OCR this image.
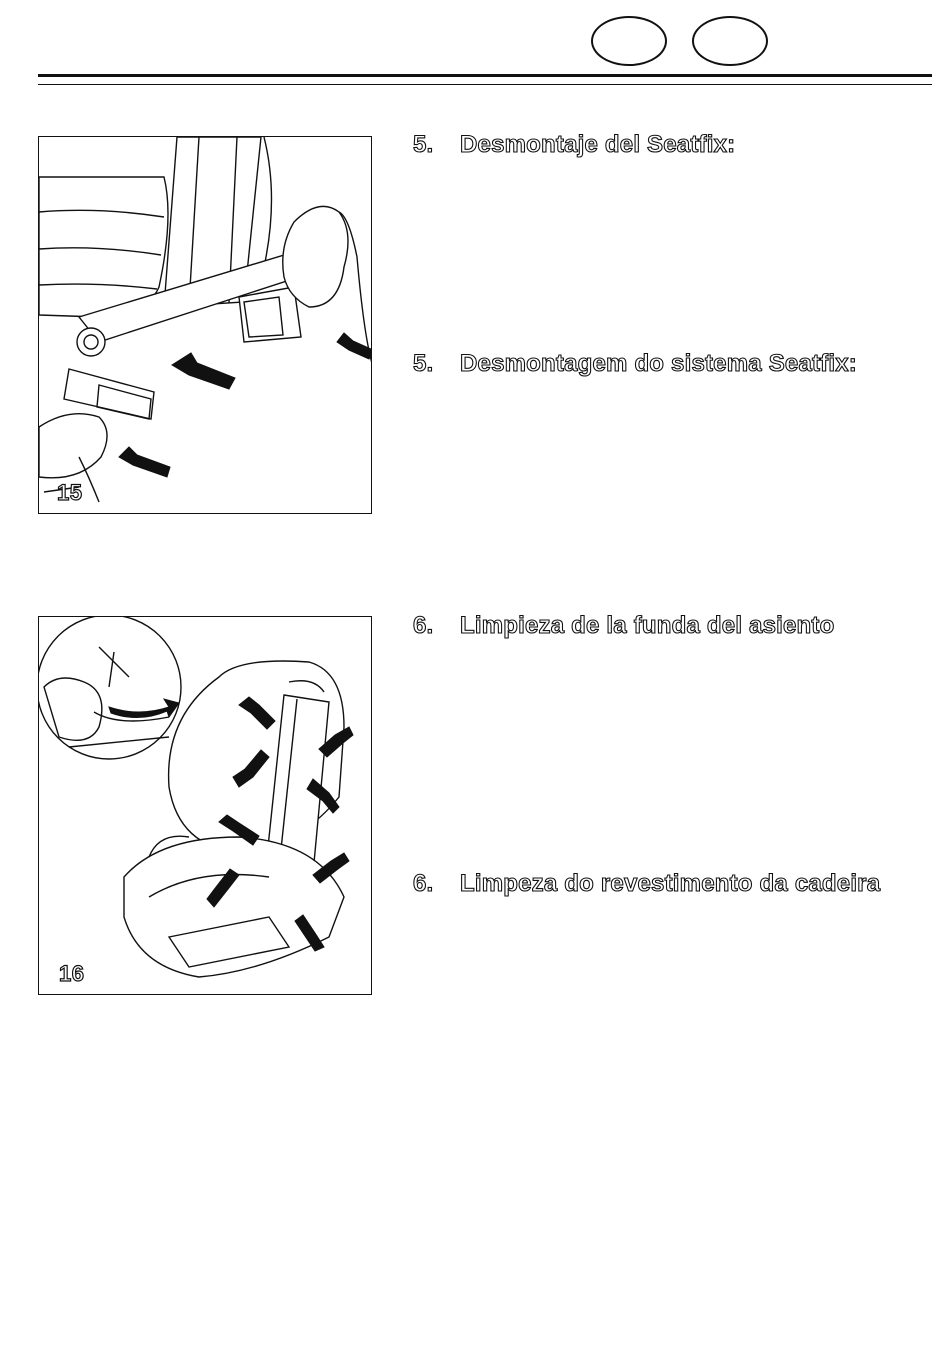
15
16
5. Desmontaje del Seatfix:
5. Desmontagem do sistema Seatfix:
6. Limpieza de la funda del asiento
6. Limpeza do revestimento da cadeira
